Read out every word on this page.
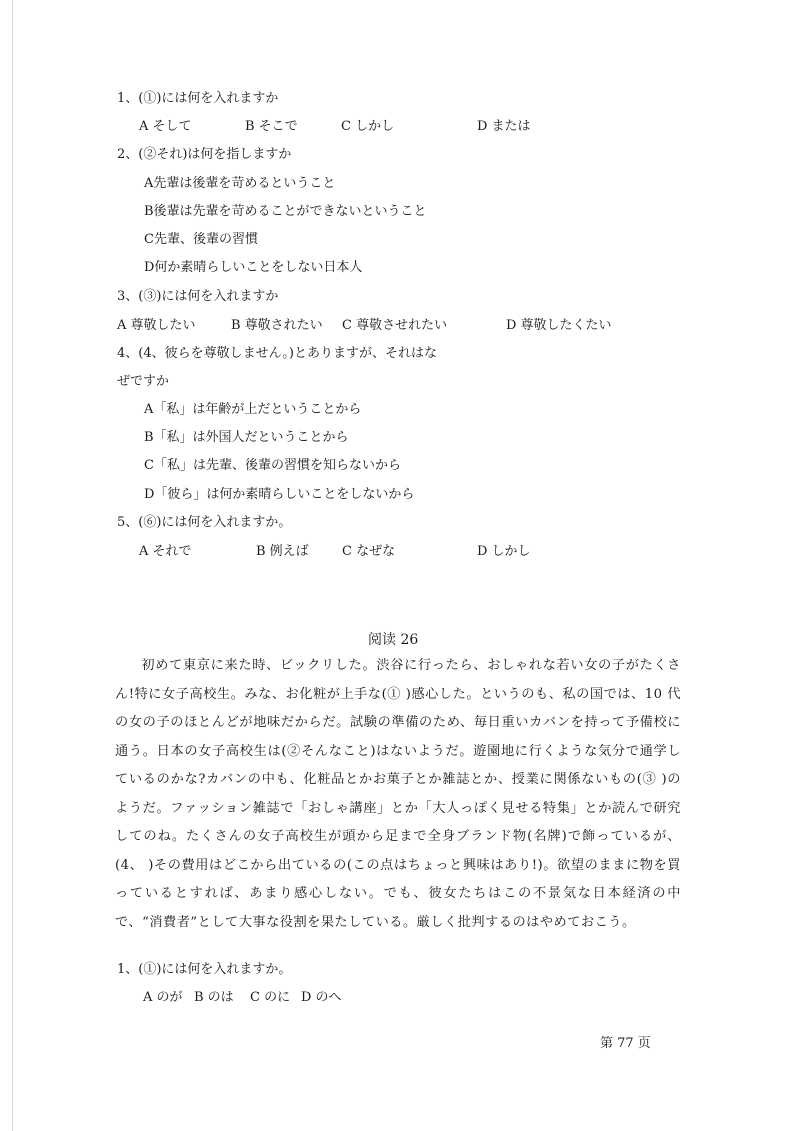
1、(①)には何を入れますか
A そして	B そこで	C しかし	D または
2、(②それ)は何を指しますか
A先輩は後輩を苛めるということ
B後輩は先輩を苛めることができないということ
C先輩、後輩の習慣
D何か素晴らしいことをしない日本人
3、(③)には何を入れますか
A 尊敬したい	B 尊敬されたい C 尊敬させれたい	D 尊敬したくたい
4、(4、彼らを尊敬しません。)とありますが、それはな
ぜですか
A「私」は年齢が上だということから
B「私」は外国人だということから
C「私」は先輩、後輩の習慣を知らないから
D「彼ら」は何か素晴らしいことをしないから
5、(⑥)には何を入れますか。
A それで	B 例えば	C なぜな	D しかし
阅读 26
初めて東京に来た時、ビックリした。渋谷に行ったら、おしゃれな若い女の子がたくさん!特に女子高校生。みな、お化粧が上手な(① )感心した。というのも、私の国では、10 代の女の子のほとんどが地味だからだ。試験の準備のため、毎日重いカバンを持って予備校に通う。日本の女子高校生は(②そんなこと)はないようだ。遊園地に行くような気分で通学しているのかな?カバンの中も、化粧品とかお菓子とか雑誌とか、授業に関係ないもの(③ )のようだ。ファッション雑誌で「おしゃ講座」とか「大人っぽく見せる特集」とか読んで研究してのね。たくさんの女子高校生が頭から足まで全身ブランド物(名牌)で飾っているが、(4、 )その費用はどこから出ているの(この点はちょっと興味はあり!)。欲望のままに物を買っているとすれば、あまり感心しない。でも、彼女たちはこの不景気な日本経済の中で、“消費者”として大事な役割を果たしている。厳しく批判するのはやめておこう。
1、(①)には何を入れますか。
A のが B のは C のに D のへ
第 77 页
